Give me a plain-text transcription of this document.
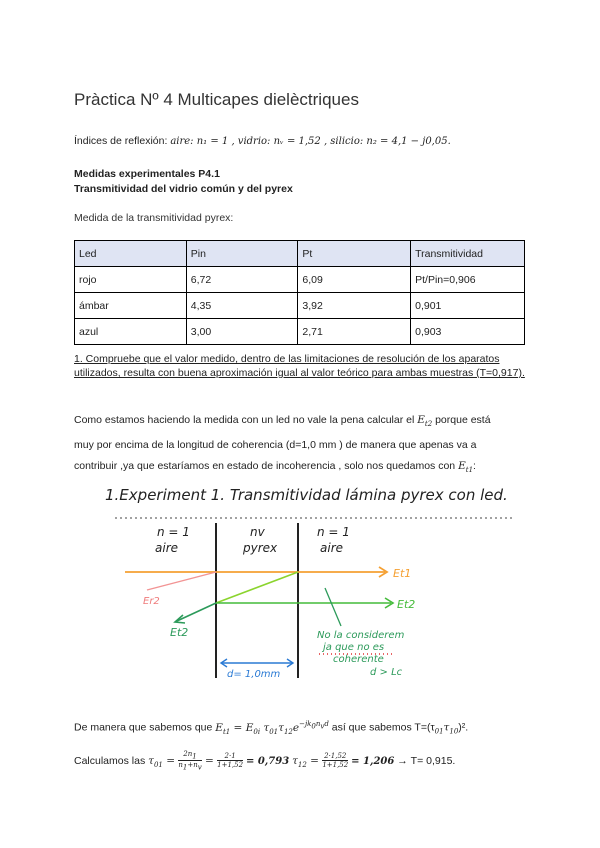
Pràctica Nº 4 Multicapes dielèctriques
Índices de reflexión: aire: n₁ = 1 , vidrio: nᵥ = 1,52 , silicio: n₂ = 4,1 − j0,05.
Medidas experimentales P4.1
Transmitividad del vidrio común y del pyrex
Medida de la transmitividad pyrex:
Led	Pin	Pt	Transmitividad
rojo	6,72	6,09	Pt/Pin=0,906
ámbar	4,35	3,92	0,901
azul	3,00	2,71	0,903
1. Compruebe que el valor medido, dentro de las limitaciones de resolución de los aparatos utilizados, resulta con buena aproximación igual al valor teórico para ambas muestras (T=0,917).
Como estamos haciendo la medida con un led no vale la pena calcular el $E_{t2}$ porque está
muy por encima de la longitud de coherencia (d=1,0 mm ) de manera que apenas va a
contribuir ,ya que estaríamos en estado de incoherencia , solo nos quedamos con $E_{t1}$:
1.Experiment 1. Transmitividad lámina pyrex con led.
n = 1
aire
nv
pyrex
n = 1
aire
Et1
Et2
Er2
Et2	No la considerem
ja que no es
coherente
d > Lc
d= 1,0mm
De manera que sabemos que $E_{t1} = E_{0i}$ $\tau_{01}\tau_{12}e^{-jk_0n_vd}$ así que sabemos $T=(\tau_{01}\tau_{10})^2$.
Calculamos las $\tau_{01} = \frac{2n_1}{n_1+n_v} = \frac{2\cdot 1}{1+1,52} = 0,793$ $\tau_{12} = \frac{2\cdot 1,52}{1+1,52} = 1,206 \to T= 0,915$.
